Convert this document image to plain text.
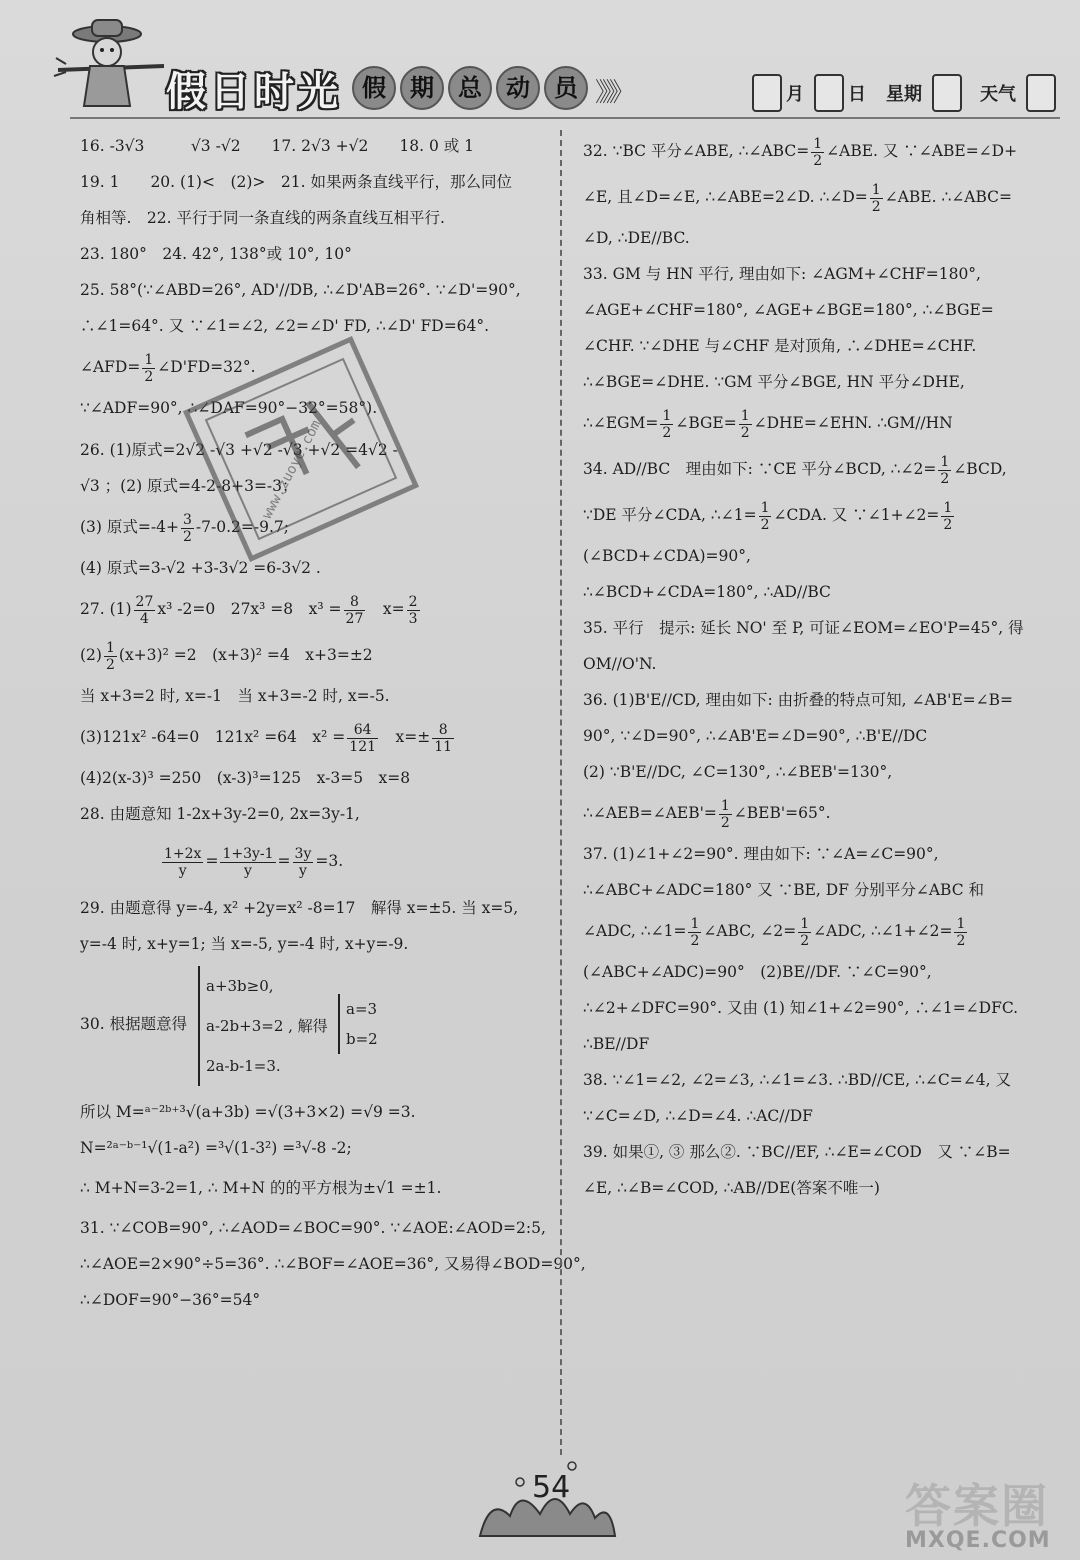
假日时光 假	期	总	动	员 》》》	月 日 星期	天气
16. -3√3　　　√3 -√2　　17. 2√3 +√2　　18. 0 或 1
19. 1　　20. (1)<　(2)>　21. 如果两条直线平行，那么同位
角相等.　22. 平行于同一条直线的两条直线互相平行.
23. 180°　24. 42°, 138°或 10°, 10°
25. 58°(∵∠ABD=26°, AD'//DB, ∴∠D'AB=26°. ∵∠D'=90°,
∴∠1=64°. 又 ∵∠1=∠2, ∠2=∠D' FD, ∴∠D' FD=64°.
∠AFD= $\frac{1}{2}$ ∠D'FD=32°.
∵∠ADF=90°, ∴∠DAF=90°−32°=58°).
26. (1)原式=2√2 -√3 +√2 -√3 +√2 =4√2 -
√3 ；(2) 原式=4-2-8+3=-3；
(3) 原式$=-4+ \frac{3}{2} -7-0.2=-9.7$;
(4) 原式=3-√2 +3-3√2 =6-3√2 .
27. $(1) \frac{27}{4} x^3$ -2=0　27x³ =8　$x^3 = \frac{8}{27}$ 　$x= \frac{2}{3}$
$(2) \frac{1}{2} (x+3)^2 =2$　(x+3)² =4　x+3=±2
当 x+3=2 时, x=-1　当 x+3=-2 时, x=-5.
(3)121x² -64=0　121x² =64　$x^2 = \frac{64}{121}$ 　$x=\pm \frac{8}{11}$
(4)2(x-3)³ =250　(x-3)³=125　x-3=5　x=8
28. 由题意知 1-2x+3y-2=0, 2x=3y-1,
$\frac{1+2x}{y} = \frac{1+3y-1}{y} = \frac{3y}{y} =3$.
29. 由题意得 y=-4, x² +2y=x² -8=17　解得 x=±5. 当 x=5,
y=-4 时, x+y=1; 当 x=-5, y=-4 时, x+y=-9.
30. 根据题意得
a+3b≥0,
a-2b+3=2 , 解得
2a-b-1=3.
a=3
b=2
所以 M=ᵃ⁻²ᵇ⁺³√(a+3b) =√(3+3×2) =√9 =3.
N=²ᵃ⁻ᵇ⁻¹√(1-a²) =³√(1-3²) =³√-8 -2;
∴ M+N=3-2=1, ∴ M+N 的的平方根为±√1 =±1.
31. ∵∠COB=90°, ∴∠AOD=∠BOC=90°. ∵∠AOE:∠AOD=2:5,
∴∠AOE=2×90°÷5=36°. ∴∠BOF=∠AOE=36°, 又易得∠BOD=90°,
∴∠DOF=90°−36°=54°
32. ∵BC 平分∠ABE, ∴∠ABC= $\frac{1}{2}$ ∠ABE. 又 ∵∠ABE=∠D+
∠E, 且∠D=∠E, ∴∠ABE=2∠D. ∴∠D= $\frac{1}{2}$ ∠ABE. ∴∠ABC=
∠D, ∴DE//BC.
33. GM 与 HN 平行, 理由如下: ∠AGM+∠CHF=180°,
∠AGE+∠CHF=180°, ∠AGE+∠BGE=180°, ∴∠BGE=
∠CHF. ∵∠DHE 与∠CHF 是对顶角, ∴∠DHE=∠CHF.
∴∠BGE=∠DHE. ∵GM 平分∠BGE, HN 平分∠DHE,
∴∠EGM= $\frac{1}{2}$ ∠BGE= $\frac{1}{2}$ ∠DHE=∠EHN. ∴GM//HN
34. AD//BC　理由如下: ∵CE 平分∠BCD, ∴∠2= $\frac{1}{2}$ ∠BCD,
∵DE 平分∠CDA, ∴∠1= $\frac{1}{2}$ ∠CDA. 又 ∵∠1+∠2= $\frac{1}{2}$
(∠BCD+∠CDA)=90°,
∴∠BCD+∠CDA=180°, ∴AD//BC
35. 平行　提示: 延长 NO' 至 P, 可证∠EOM=∠EO'P=45°, 得
OM//O'N.
36. (1)B'E//CD, 理由如下: 由折叠的特点可知, ∠AB'E=∠B=
90°, ∵∠D=90°, ∴∠AB'E=∠D=90°, ∴B'E//DC
(2) ∵B'E//DC, ∠C=130°, ∴∠BEB'=130°,
∴∠AEB=∠AEB'= $\frac{1}{2}$ ∠BEB'=65°.
37. (1)∠1+∠2=90°. 理由如下: ∵∠A=∠C=90°,
∴∠ABC+∠ADC=180° 又 ∵BE, DF 分别平分∠ABC 和
∠ADC, ∴∠1= $\frac{1}{2}$ ∠ABC, ∠2= $\frac{1}{2}$ ∠ADC, ∴∠1+∠2= $\frac{1}{2}$
(∠ABC+∠ADC)=90°　(2)BE//DF. ∵∠C=90°,
∴∠2+∠DFC=90°. 又由 (1) 知∠1+∠2=90°, ∴∠1=∠DFC.
∴BE//DF
38. ∵∠1=∠2, ∠2=∠3, ∴∠1=∠3. ∴BD//CE, ∴∠C=∠4, 又
∵∠C=∠D, ∴∠D=∠4. ∴AC//DF
39. 如果①, ③ 那么②. ∵BC//EF, ∴∠E=∠COD　又 ∵∠B=
∠E, ∴∠B=∠COD, ∴AB//DE(答案不唯一)
www.zuoye.com
54	答案圈
MXQE.COM
